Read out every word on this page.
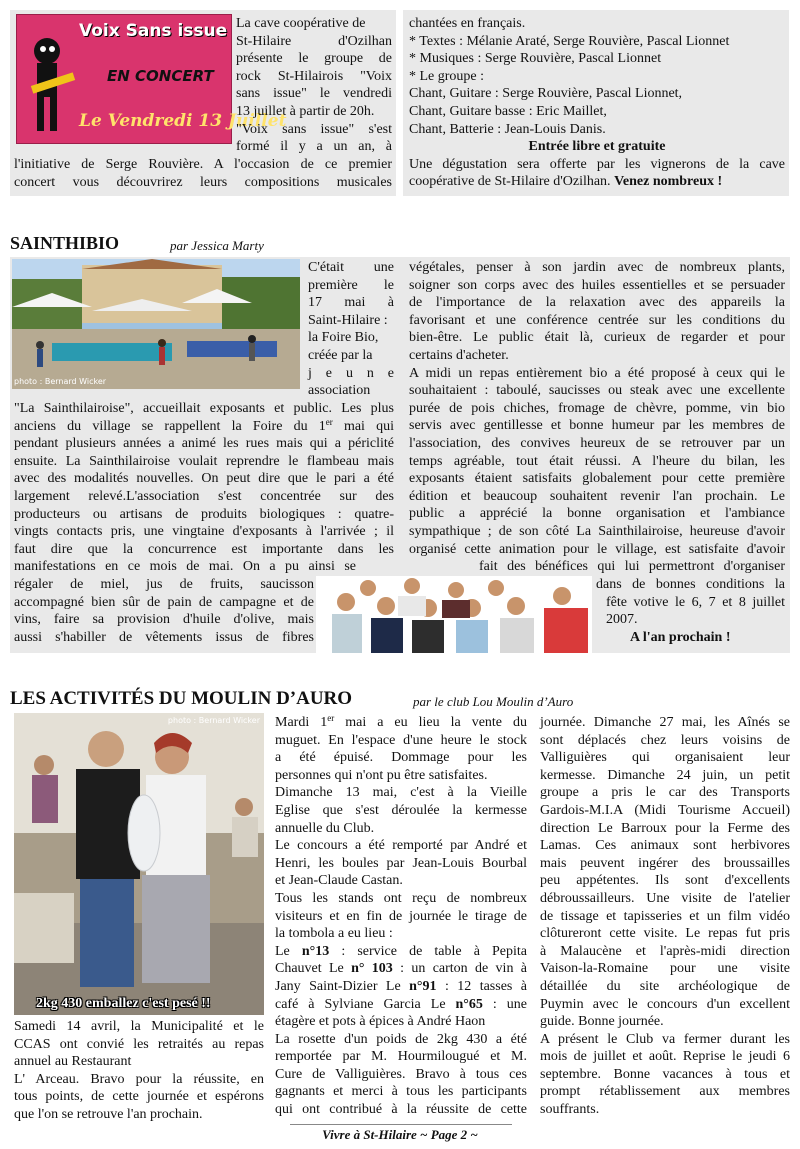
Voix Sans issue
EN CONCERT
Le Vendredi 13 Juillet
La cave coopérative de
St-Hilaire d'Ozilhan
présente le groupe de
rock St-Hilairois "Voix
sans issue" le vendredi
13 juillet à partir de 20h.
"Voix sans issue" s'est
formé il y a un an, à
l'initiative de Serge Rouvière. A l'occasion de ce premier
concert vous découvrirez leurs compositions musicales
chantées en français.
* Textes : Mélanie Araté, Serge Rouvière, Pascal Lionnet
* Musiques : Serge Rouvière, Pascal Lionnet
* Le groupe :
Chant, Guitare : Serge Rouvière, Pascal Lionnet,
Chant, Guitare basse : Eric Maillet,
Chant, Batterie : Jean-Louis Danis.
Entrée libre et gratuite
Une dégustation sera offerte par les vignerons de la cave
coopérative de St-Hilaire d'Ozilhan. Venez nombreux !
SAINTHIBIO	par Jessica Marty
photo : Bernard Wicker
C'était une
première le
17 mai à
Saint-Hilaire :
la Foire Bio,
créée par la
j e u n e
association
"La Sainthilairoise", accueillait exposants et public. Les plus
anciens du village se rappellent la Foire du 1er mai qui
pendant plusieurs années a animé les rues mais qui a périclité
ensuite. La Sainthilairoise voulait reprendre le flambeau mais
avec des modalités nouvelles. On peut dire que le pari a été
largement relevé.L'association s'est concentrée sur des
producteurs ou artisans de produits biologiques : quatre-
vingts contacts pris, une vingtaine d'exposants à l'arrivée ; il
faut dire que la concurrence est importante dans les
manifestations en ce mois de mai. On a pu ainsi se
régaler de miel, jus de fruits, saucisson
accompagné bien sûr de pain de campagne et de
vins, faire sa provision d'huile d'olive, mais
aussi s'habiller de vêtements issus de fibres
végétales, penser à son jardin avec de nombreux plants,
soigner son corps avec des huiles essentielles et se persuader
de l'importance de la relaxation avec des appareils la
favorisant et une conférence centrée sur les conditions du
bien-être. Le public était là, curieux de regarder et pour
certains d'acheter.
A midi un repas entièrement bio a été proposé à ceux qui le
souhaitaient : taboulé, saucisses ou steak avec une excellente
purée de pois chiches, fromage de chèvre, pomme, vin bio
servis avec gentillesse et bonne humeur par les membres de
l'association, des convives heureux de se retrouver par un
temps agréable, tout était réussi. A l'heure du bilan, les
exposants étaient satisfaits globalement pour cette première
édition et beaucoup souhaitent revenir l'an prochain. Le
public a apprécié la bonne organisation et l'ambiance
sympathique ; de son côté La Sainthilairoise, heureuse d'avoir
organisé cette animation pour le village, est satisfaite d'avoir
fait des bénéfices qui lui permettront d'organiser
dans de bonnes conditions la
fête votive le 6, 7 et 8 juillet
2007.
A l'an prochain !
LES ACTIVITÉS DU MOULIN D’AURO	par le club Lou Moulin d’Auro
photo : Bernard Wicker
2kg 430 emballez c'est pesé !!
Samedi 14 avril, la Municipalité et le
CCAS ont convié les retraités au repas
annuel au Restaurant
L' Arceau. Bravo pour la réussite, en
tous points, de cette journée et espérons
que l'on se retrouve l'an prochain.
Mardi 1er mai a eu lieu la vente du
muguet. En l'espace d'une heure le stock
a été épuisé. Dommage pour les
personnes qui n'ont pu être satisfaites.
Dimanche 13 mai, c'est à la Vieille
Eglise que s'est déroulée la kermesse
annuelle du Club.
Le concours a été remporté par André et
Henri, les boules par Jean-Louis Bourbal
et Jean-Claude Castan.
Tous les stands ont reçu de nombreux
visiteurs et en fin de journée le tirage de
la tombola a eu lieu :
Le n°13 : service de table à Pepita
Chauvet Le n° 103 : un carton de vin à
Jany Saint-Dizier Le n°91 : 12 tasses à
café à Sylviane Garcia Le n°65 : une
étagère et pots à épices à André Haon
La rosette d'un poids de 2kg 430 a été
remportée par M. Hourmilougué et M.
Cure de Valliguières. Bravo à tous ces
gagnants et merci à tous les participants
qui ont contribué à la réussite de cette
journée. Dimanche 27 mai, les Aînés se
sont déplacés chez leurs voisins de
Valliguières qui organisaient leur
kermesse. Dimanche 24 juin, un petit
groupe a pris le car des Transports
Gardois-M.I.A (Midi Tourisme Accueil)
direction Le Barroux pour la Ferme des
Lamas. Ces animaux sont herbivores
mais peuvent ingérer des broussailles
peu appétentes. Ils sont d'excellents
débroussailleurs. Une visite de l'atelier
de tissage et tapisseries et un film vidéo
clôtureront cette visite. Le repas fut pris
à Malaucène et l'après-midi direction
Vaison-la-Romaine pour une visite
détaillée du site archéologique de
Puymin avec le concours d'un excellent
guide. Bonne journée.
A présent le Club va fermer durant les
mois de juillet et août. Reprise le jeudi 6
septembre. Bonne vacances à tous et
prompt rétablissement aux membres
souffrants.
Vivre à St-Hilaire ~ Page 2 ~
